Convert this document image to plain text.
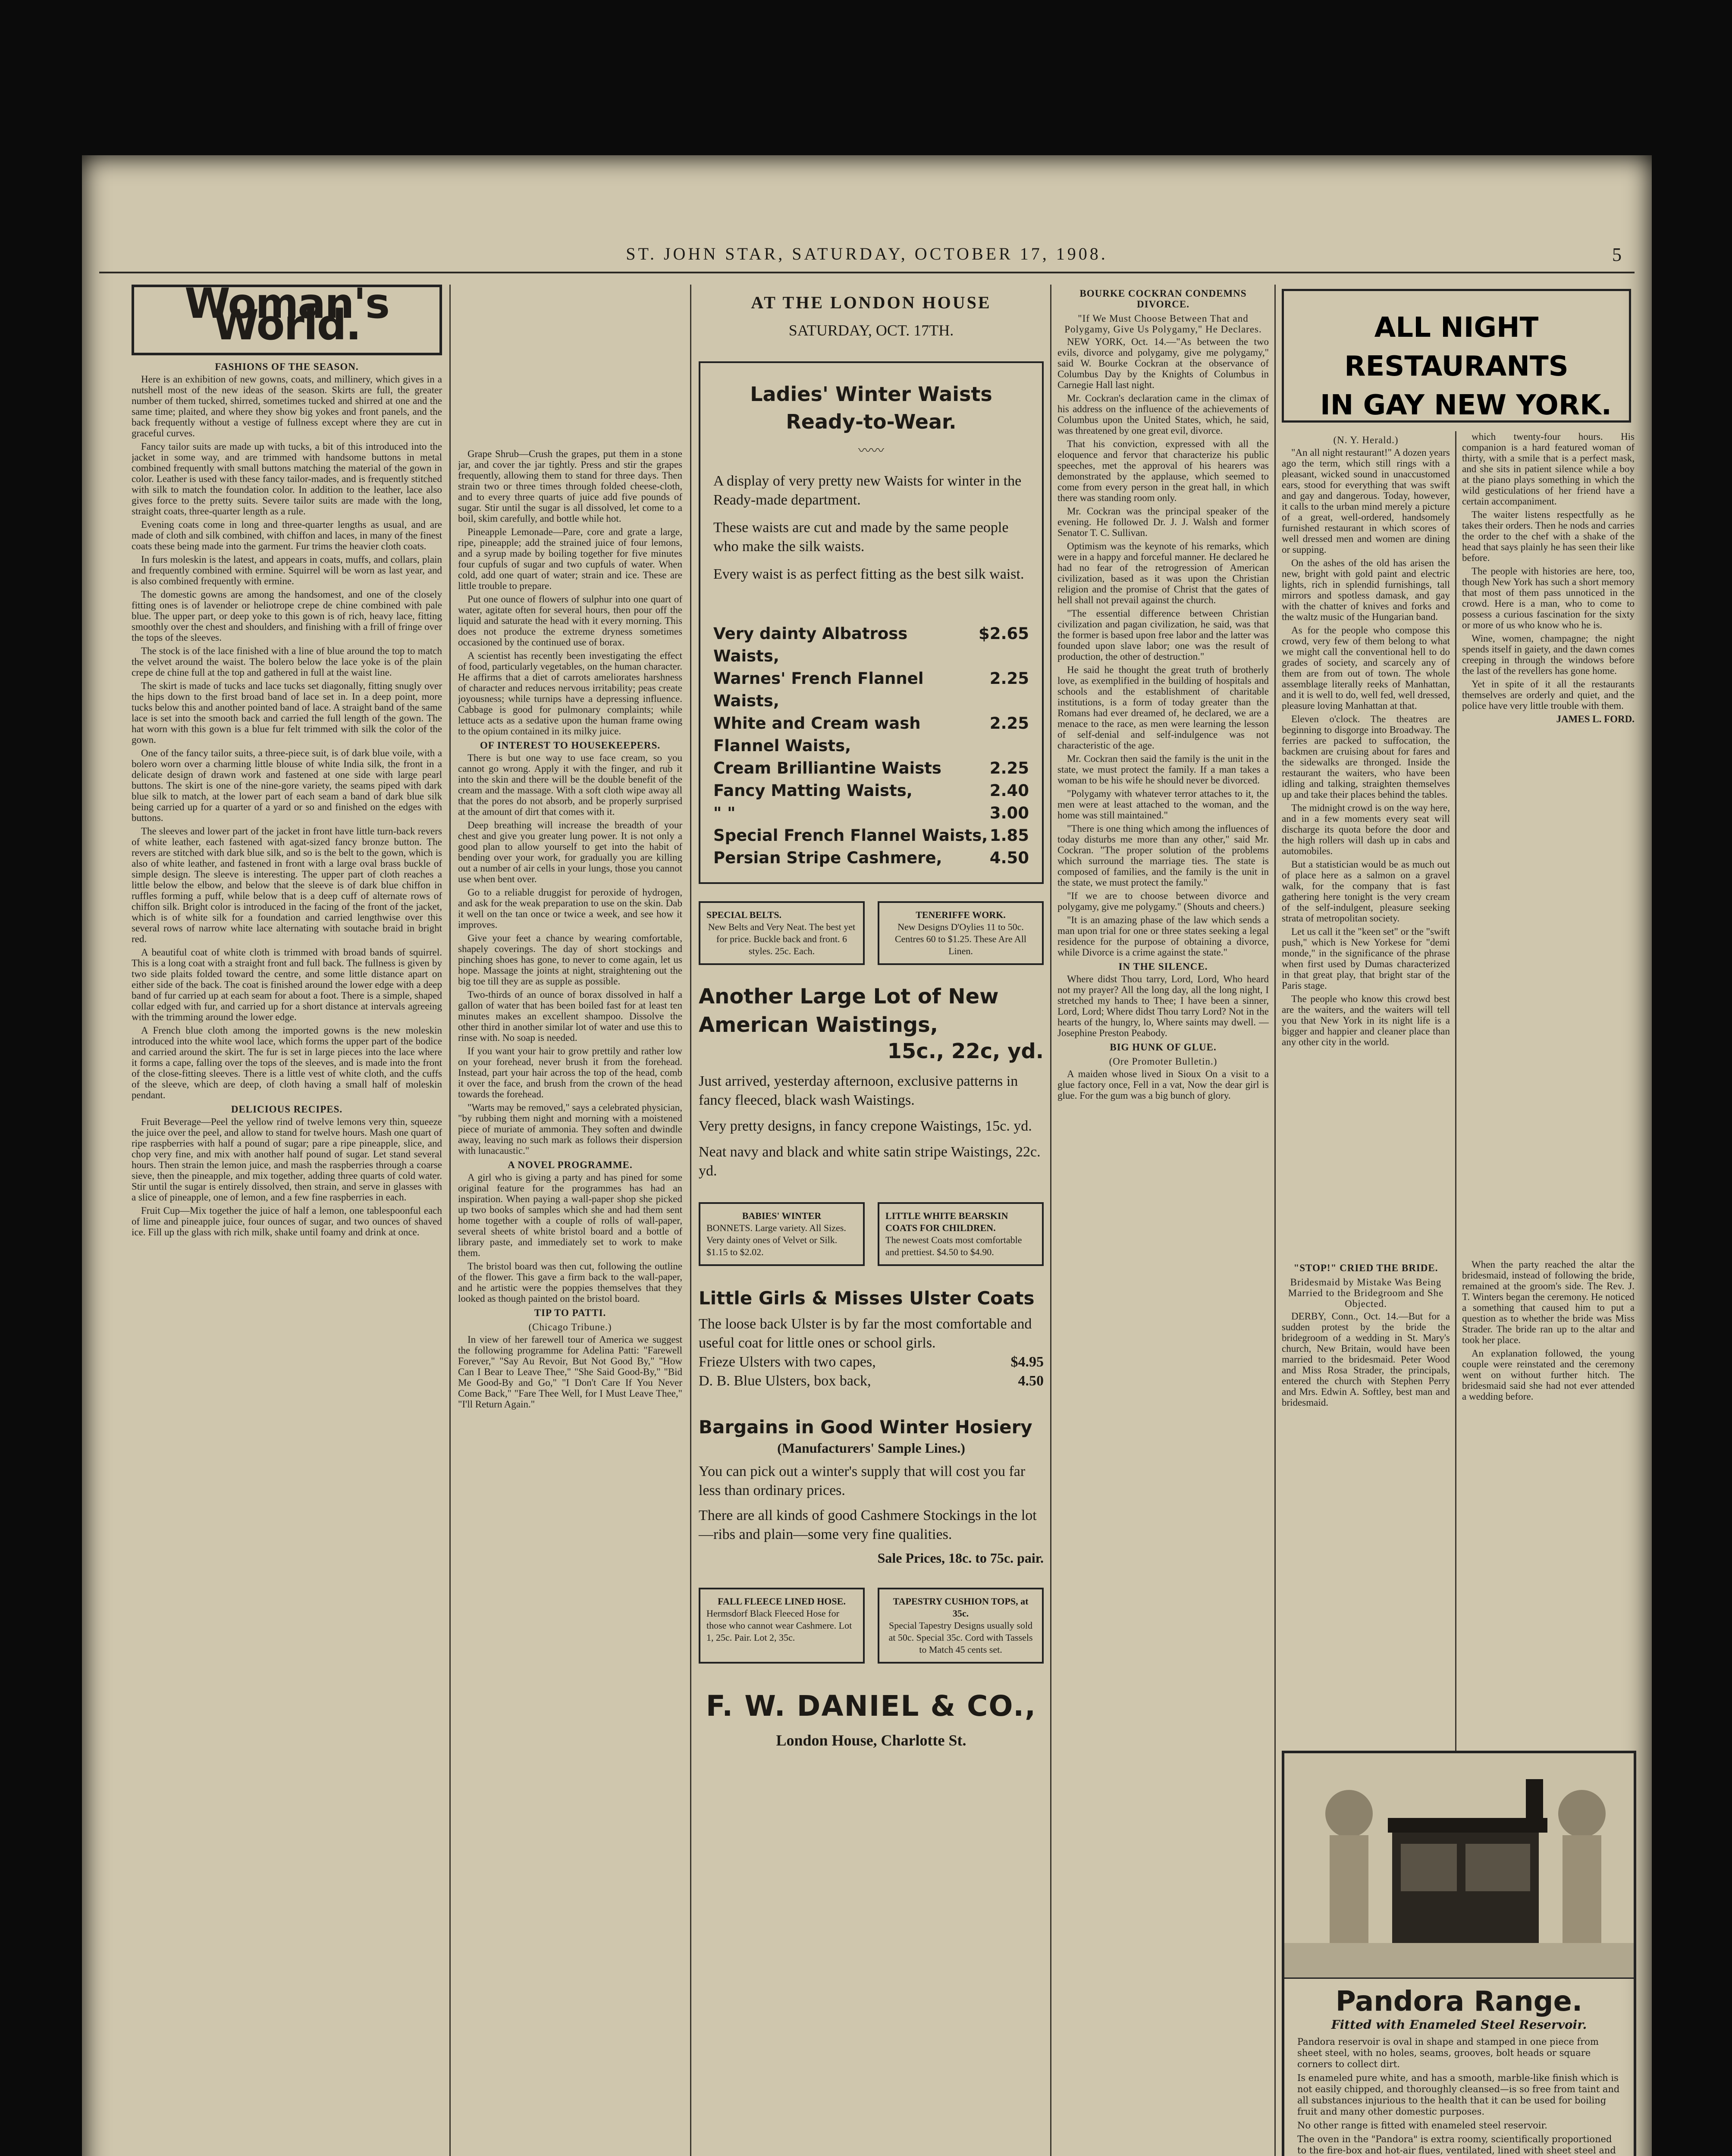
ST. JOHN STAR, SATURDAY, OCTOBER 17, 1908.	5
Woman's World.

FASHIONS OF THE SEASON.

Here is an exhibition of new gowns, coats, and millinery, which gives in a nutshell most of the new ideas of the season. Skirts are full, the greater number of them tucked, shirred, sometimes tucked and shirred at one and the same time; plaited, and where they show big yokes and front panels, and the back frequently without a vestige of fullness except where they are cut in graceful curves.

Fancy tailor suits are made up with tucks, a bit of this introduced into the jacket in some way, and are trimmed with handsome buttons in metal combined frequently with small buttons matching the material of the gown in color. Leather is used with these fancy tailor-mades, and is frequently stitched with silk to match the foundation color. In addition to the leather, lace also gives force to the pretty suits. Severe tailor suits are made with the long, straight coats, three-quarter length as a rule.

Evening coats come in long and three-quarter lengths as usual, and are made of cloth and silk combined, with chiffon and laces, in many of the finest coats these being made into the garment. Fur trims the heavier cloth coats.

In furs moleskin is the latest, and appears in coats, muffs, and collars, plain and frequently combined with ermine. Squirrel will be worn as last year, and is also combined frequently with ermine.

The domestic gowns are among the handsomest, and one of the closely fitting ones is of lavender or heliotrope crepe de chine combined with pale blue. The upper part, or deep yoke to this gown is of rich, heavy lace, fitting smoothly over the chest and shoulders, and finishing with a frill of fringe over the tops of the sleeves.

The stock is of the lace finished with a line of blue around the top to match the velvet around the waist. The bolero below the lace yoke is of the plain crepe de chine full at the top and gathered in full at the waist line.

The skirt is made of tucks and lace tucks set diagonally, fitting snugly over the hips down to the first broad band of lace set in. In a deep point, more tucks below this and another pointed band of lace. A straight band of the same lace is set into the smooth back and carried the full length of the gown. The hat worn with this gown is a blue fur felt trimmed with silk the color of the gown.

One of the fancy tailor suits, a three-piece suit, is of dark blue voile, with a bolero worn over a charming little blouse of white India silk, the front in a delicate design of drawn work and fastened at one side with large pearl buttons. The skirt is one of the nine-gore variety, the seams piped with dark blue silk to match, at the lower part of each seam a band of dark blue silk being carried up for a quarter of a yard or so and finished on the edges with buttons.

The sleeves and lower part of the jacket in front have little turn-back revers of white leather, each fastened with agat-sized fancy bronze button. The revers are stitched with dark blue silk, and so is the belt to the gown, which is also of white leather, and fastened in front with a large oval brass buckle of simple design. The sleeve is interesting. The upper part of cloth reaches a little below the elbow, and below that the sleeve is of dark blue chiffon in ruffles forming a puff, while below that is a deep cuff of alternate rows of chiffon silk. Bright color is introduced in the facing of the front of the jacket, which is of white silk for a foundation and carried lengthwise over this several rows of narrow white lace alternating with soutache braid in bright red.

A beautiful coat of white cloth is trimmed with broad bands of squirrel. This is a long coat with a straight front and full back. The fullness is given by two side plaits folded toward the centre, and some little distance apart on either side of the back. The coat is finished around the lower edge with a deep band of fur carried up at each seam for about a foot. There is a simple, shaped collar edged with fur, and carried up for a short distance at intervals agreeing with the trimming around the lower edge.

A French blue cloth among the imported gowns is the new moleskin introduced into the white wool lace, which forms the upper part of the bodice and carried around the skirt. The fur is set in large pieces into the lace where it forms a cape, falling over the tops of the sleeves, and is made into the front of the close-fitting sleeves. There is a little vest of white cloth, and the cuffs of the sleeve, which are deep, of cloth having a small half of moleskin pendant.

DELICIOUS RECIPES.

Fruit Beverage—Peel the yellow rind of twelve lemons very thin, squeeze the juice over the peel, and allow to stand for twelve hours. Mash one quart of ripe raspberries with half a pound of sugar; pare a ripe pineapple, slice, and chop very fine, and mix with another half pound of sugar. Let stand several hours. Then strain the lemon juice, and mash the raspberries through a coarse sieve, then the pineapple, and mix together, adding three quarts of cold water. Stir until the sugar is entirely dissolved, then strain, and serve in glasses with a slice of pineapple, one of lemon, and a few fine raspberries in each.

Fruit Cup—Mix together the juice of half a lemon, one tablespoonful each of lime and pineapple juice, four ounces of sugar, and two ounces of shaved ice. Fill up the glass with rich milk, shake until foamy and drink at once.

Grape Shrub—Crush the grapes, put them in a stone jar, and cover the jar tightly. Press and stir the grapes frequently, allowing them to stand for three days. Then strain two or three times through folded cheese-cloth, and to every three quarts of juice add five pounds of sugar. Stir until the sugar is all dissolved, let come to a boil, skim carefully, and bottle while hot.

Pineapple Lemonade—Pare, core and grate a large, ripe, pineapple; add the strained juice of four lemons, and a syrup made by boiling together for five minutes four cupfuls of sugar and two cupfuls of water. When cold, add one quart of water; strain and ice. These are little trouble to prepare.

Put one ounce of flowers of sulphur into one quart of water, agitate often for several hours, then pour off the liquid and saturate the head with it every morning. This does not produce the extreme dryness sometimes occasioned by the continued use of borax.

A scientist has recently been investigating the effect of food, particularly vegetables, on the human character. He affirms that a diet of carrots ameliorates harshness of character and reduces nervous irritability; peas create joyousness; while turnips have a depressing influence. Cabbage is good for pulmonary complaints; while lettuce acts as a sedative upon the human frame owing to the opium contained in its milky juice.

OF INTEREST TO HOUSEKEEPERS.

There is but one way to use face cream, so you cannot go wrong. Apply it with the finger, and rub it into the skin and there will be the double benefit of the cream and the massage. With a soft cloth wipe away all that the pores do not absorb, and be properly surprised at the amount of dirt that comes with it.

Deep breathing will increase the breadth of your chest and give you greater lung power. It is not only a good plan to allow yourself to get into the habit of bending over your work, for gradually you are killing out a number of air cells in your lungs, those you cannot use when bent over.

Go to a reliable druggist for peroxide of hydrogen, and ask for the weak preparation to use on the skin. Dab it well on the tan once or twice a week, and see how it improves.

Give your feet a chance by wearing comfortable, shapely coverings. The day of short stockings and pinching shoes has gone, to never to come again, let us hope. Massage the joints at night, straightening out the big toe till they are as supple as possible.

Two-thirds of an ounce of borax dissolved in half a gallon of water that has been boiled fast for at least ten minutes makes an excellent shampoo. Dissolve the other third in another similar lot of water and use this to rinse with. No soap is needed.

If you want your hair to grow prettily and rather low on your forehead, never brush it from the forehead. Instead, part your hair across the top of the head, comb it over the face, and brush from the crown of the head towards the forehead.

"Warts may be removed," says a celebrated physician, "by rubbing them night and morning with a moistened piece of muriate of ammonia. They soften and dwindle away, leaving no such mark as follows their dispersion with lunacaustic."

A NOVEL PROGRAMME.

A girl who is giving a party and has pined for some original feature for the programmes has had an inspiration. When paying a wall-paper shop she picked up two books of samples which she and had them sent home together with a couple of rolls of wall-paper, several sheets of white bristol board and a bottle of library paste, and immediately set to work to make them.

The bristol board was then cut, following the outline of the flower. This gave a firm back to the wall-paper, and he artistic were the poppies themselves that they looked as though painted on the bristol board.

TIP TO PATTI.

(Chicago Tribune.)

In view of her farewell tour of America we suggest the following programme for Adelina Patti: "Farewell Forever," "Say Au Revoir, But Not Good By," "How Can I Bear to Leave Thee," "She Said Good-By," "Bid Me Good-By and Go," "I Don't Care If You Never Come Back," "Fare Thee Well, for I Must Leave Thee," "I'll Return Again."

AT THE LONDON HOUSE
SATURDAY, OCT. 17TH.
Ladies' Winter Waists Ready-to-Wear.
〰〰
A display of very pretty new Waists for winter in the Ready-made department.
These waists are cut and made by the same people who make the silk waists.
Every waist is as perfect fitting as the best silk waist.
Very dainty Albatross Waists,
$2.65
Warnes' French Flannel Waists,
2.25
White and Cream wash Flannel Waists,
2.25
Cream Brilliantine Waists	2.25
Fancy Matting Waists,	2.40
" "	3.00
Special French Flannel Waists, 1.85
Persian Stripe Cashmere,	4.50
SPECIAL BELTS.
New Belts and Very Neat. The best yet for price. Buckle back and front. 6 styles. 25c. Each.
TENERIFFE WORK.
New Designs D'Oylies 11 to 50c. Centres 60 to $1.25. These Are All Linen.
Another Large Lot of New American Waistings,
15c., 22c, yd.
Just arrived, yesterday afternoon, exclusive patterns in fancy fleeced, black wash Waistings.
Very pretty designs, in fancy crepone Waistings, 15c. yd.
Neat navy and black and white satin stripe Waistings, 22c. yd.
BABIES' WINTER
BONNETS. Large variety. All Sizes. Very dainty ones of Velvet or Silk. $1.15 to $2.02.
LITTLE WHITE BEARSKIN COATS FOR CHILDREN.
The newest Coats most comfortable and prettiest. $4.50 to $4.90.
Little Girls & Misses Ulster Coats
The loose back Ulster is by far the most comfortable and useful coat for little ones or school girls.
Frieze Ulsters with two capes,	$4.95
D. B. Blue Ulsters, box back,	4.50
Bargains in Good Winter Hosiery
(Manufacturers' Sample Lines.)
You can pick out a winter's supply that will cost you far less than ordinary prices.
There are all kinds of good Cashmere Stockings in the lot—ribs and plain—some very fine qualities.
Sale Prices, 18c. to 75c. pair.
FALL FLEECE LINED HOSE.
Hermsdorf Black Fleeced Hose for those who cannot wear Cashmere. Lot 1, 25c. Pair. Lot 2, 35c.
TAPESTRY CUSHION TOPS, at 35c.
Special Tapestry Designs usually sold at 50c. Special 35c. Cord with Tassels to Match 45 cents set.
F. W. DANIEL & CO.,
London House, Charlotte St.

BOURKE COCKRAN CONDEMNS DIVORCE.

"If We Must Choose Between That and Polygamy, Give Us Polygamy," He Declares.

NEW YORK, Oct. 14.—"As between the two evils, divorce and polygamy, give me polygamy," said W. Bourke Cockran at the observance of Columbus Day by the Knights of Columbus in Carnegie Hall last night.

Mr. Cockran's declaration came in the climax of his address on the influence of the achievements of Columbus upon the United States, which, he said, was threatened by one great evil, divorce.

That his conviction, expressed with all the eloquence and fervor that characterize his public speeches, met the approval of his hearers was demonstrated by the applause, which seemed to come from every person in the great hall, in which there was standing room only.

Mr. Cockran was the principal speaker of the evening. He followed Dr. J. J. Walsh and former Senator T. C. Sullivan.

Optimism was the keynote of his remarks, which were in a happy and forceful manner. He declared he had no fear of the retrogression of American civilization, based as it was upon the Christian religion and the promise of Christ that the gates of hell shall not prevail against the church.

"The essential difference between Christian civilization and pagan civilization, he said, was that the former is based upon free labor and the latter was founded upon slave labor; one was the result of production, the other of destruction."

He said he thought the great truth of brotherly love, as exemplified in the building of hospitals and schools and the establishment of charitable institutions, is a form of today greater than the Romans had ever dreamed of, he declared, we are a menace to the race, as men were learning the lesson of self-denial and self-indulgence was not characteristic of the age.

Mr. Cockran then said the family is the unit in the state, we must protect the family. If a man takes a woman to be his wife he should never be divorced.

"Polygamy with whatever terror attaches to it, the men were at least attached to the woman, and the home was still maintained."

"There is one thing which among the influences of today disturbs me more than any other," said Mr. Cockran. "The proper solution of the problems which surround the marriage ties. The state is composed of families, and the family is the unit in the state, we must protect the family."

"If we are to choose between divorce and polygamy, give me polygamy." (Shouts and cheers.)

"It is an amazing phase of the law which sends a man upon trial for one or three states seeking a legal residence for the purpose of obtaining a divorce, while Divorce is a crime against the state."

IN THE SILENCE.

Where didst Thou tarry, Lord, Lord, Who heard not my prayer? All the long day, all the long night, I stretched my hands to Thee; I have been a sinner, Lord, Lord; Where didst Thou tarry Lord? Not in the hearts of the hungry, lo, Where saints may dwell. —Josephine Preston Peabody.

BIG HUNK OF GLUE.

(Ore Promoter Bulletin.)

A maiden whose lived in Sioux On a visit to a glue factory once, Fell in a vat, Now the dear girl is glue. For the gum was a big bunch of glory.

ALL NIGHT RESTAURANTS
IN GAY NEW YORK.

(N. Y. Herald.)

"An all night restaurant!" A dozen years ago the term, which still rings with a pleasant, wicked sound in unaccustomed ears, stood for everything that was swift and gay and dangerous. Today, however, it calls to the urban mind merely a picture of a great, well-ordered, handsomely furnished restaurant in which scores of well dressed men and women are dining or supping.

On the ashes of the old has arisen the new, bright with gold paint and electric lights, rich in splendid furnishings, tall mirrors and spotless damask, and gay with the chatter of knives and forks and the waltz music of the Hungarian band.

As for the people who compose this crowd, very few of them belong to what we might call the conventional hell to do grades of society, and scarcely any of them are from out of town. The whole assemblage literally reeks of Manhattan, and it is well to do, well fed, well dressed, pleasure loving Manhattan at that.

Eleven o'clock. The theatres are beginning to disgorge into Broadway. The ferries are packed to suffocation, the backmen are cruising about for fares and the sidewalks are thronged. Inside the restaurant the waiters, who have been idling and talking, straighten themselves up and take their places behind the tables.

The midnight crowd is on the way here, and in a few moments every seat will discharge its quota before the door and the high rollers will dash up in cabs and automobiles.

But a statistician would be as much out of place here as a salmon on a gravel walk, for the company that is fast gathering here tonight is the very cream of the self-indulgent, pleasure seeking strata of metropolitan society.

Let us call it the "keen set" or the "swift push," which is New Yorkese for "demi monde," in the significance of the phrase when first used by Dumas characterized in that great play, that bright star of the Paris stage.

The people who know this crowd best are the waiters, and the waiters will tell you that New York in its night life is a bigger and happier and cleaner place than any other city in the world.

which twenty-four hours. His companion is a hard featured woman of thirty, with a smile that is a perfect mask, and she sits in patient silence while a boy at the piano plays something in which the wild gesticulations of her friend have a certain accompaniment.

The waiter listens respectfully as he takes their orders. Then he nods and carries the order to the chef with a shake of the head that says plainly he has seen their like before.

The people with histories are here, too, though New York has such a short memory that most of them pass unnoticed in the crowd. Here is a man, who to come to possess a curious fascination for the sixty or more of us who know who he is.

Wine, women, champagne; the night spends itself in gaiety, and the dawn comes creeping in through the windows before the last of the revellers has gone home.

Yet in spite of it all the restaurants themselves are orderly and quiet, and the police have very little trouble with them.

JAMES L. FORD.

"STOP!" CRIED THE BRIDE.

Bridesmaid by Mistake Was Being Married to the Bridegroom and She Objected.

DERBY, Conn., Oct. 14.—But for a sudden protest by the bride the bridegroom of a wedding in St. Mary's church, New Britain, would have been married to the bridesmaid. Peter Wood and Miss Rosa Strader, the principals, entered the church with Stephen Perry and Mrs. Edwin A. Softley, best man and bridesmaid.

When the party reached the altar the bridesmaid, instead of following the bride, remained at the groom's side. The Rev. J. T. Winters began the ceremony. He noticed a something that caused him to put a question as to whether the bride was Miss Strader. The bride ran up to the altar and took her place.

An explanation followed, the young couple were reinstated and the ceremony went on without further hitch. The bridesmaid said she had not ever attended a wedding before.

Pandora Range.
Fitted with Enameled Steel Reservoir.
Pandora reservoir is oval in shape and stamped in one piece from sheet steel, with no holes, seams, grooves, bolt heads or square corners to collect dirt.
Is enameled pure white, and has a smooth, marble-like finish which is not easily chipped, and thoroughly cleansed—is so free from taint and all substances injurious to the health that it can be used for boiling fruit and many other domestic purposes.
No other range is fitted with enameled steel reservoir.
The oven in the "Pandora" is extra roomy, scientifically proportioned to the fire-box and hot-air flues, ventilated, lined with sheet steel and
